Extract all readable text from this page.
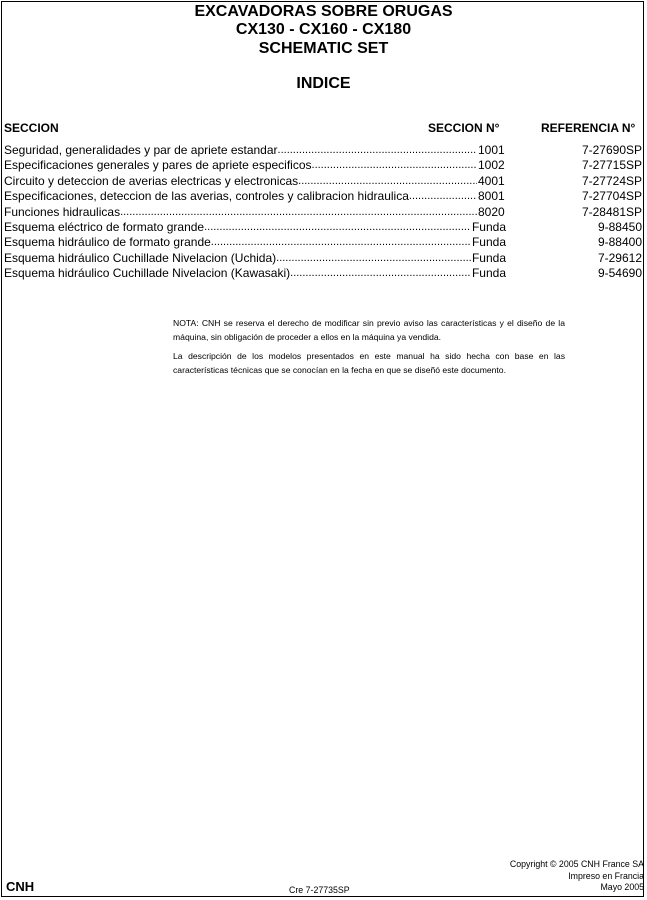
EXCAVADORAS SOBRE ORUGAS
CX130 - CX160 - CX180
SCHEMATIC SET
INDICE
SECCION	SECCION N°	REFERENCIA N°
Seguridad, generalidades y par de apriete estandar .....	1001	7-27690SP
Especificaciones generales y pares de apriete especificos .....	1002	7-27715SP
Circuito y deteccion de averias electricas y electronicas .....	4001	7-27724SP
Especificaciones, deteccion de las averias, controles y calibracion hidraulica .....	8001	7-27704SP
Funciones hidraulicas .....	8020	7-28481SP
Esquema eléctrico de formato grande .....	Funda	9-88450
Esquema hidráulico de formato grande .....	Funda	9-88400
Esquema hidráulico Cuchillade Nivelacion (Uchida) .....	Funda	7-29612
Esquema hidráulico Cuchillade Nivelacion (Kawasaki) .....	Funda	9-54690
NOTA: CNH se reserva el derecho de modificar sin previo aviso las características y el diseño de la máquina, sin obligación de proceder a ellos en la máquina ya vendida.
La descripción de los modelos presentados en este manual ha sido hecha con base en las características técnicas que se conocían en la fecha en que se diseñó este documento.
Copyright © 2005 CNH France SA
Impreso en Francia
Mayo 2005
CNH	Cre 7-27735SP
